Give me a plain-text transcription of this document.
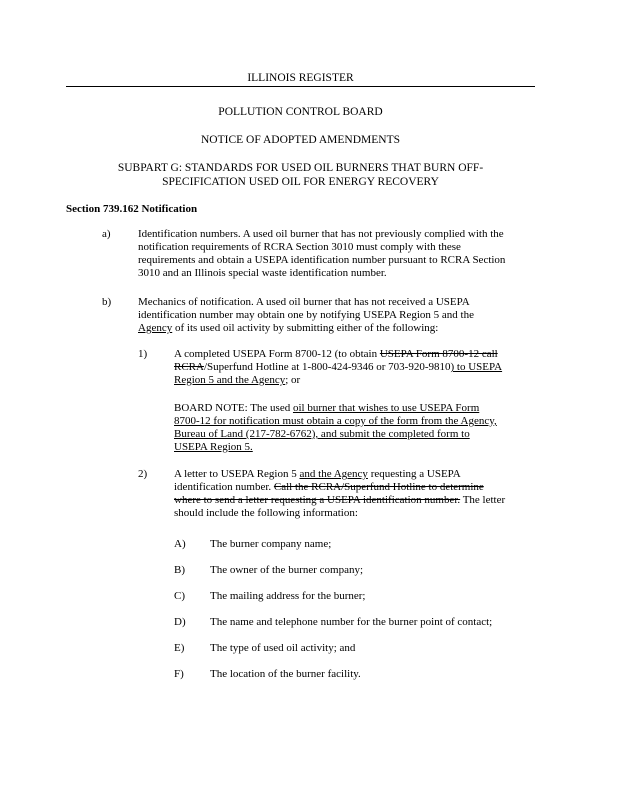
ILLINOIS REGISTER
POLLUTION CONTROL BOARD
NOTICE OF ADOPTED AMENDMENTS
SUBPART G: STANDARDS FOR USED OIL BURNERS THAT BURN OFF-
SPECIFICATION USED OIL FOR ENERGY RECOVERY
Section 739.162 Notification
a) Identification numbers. A used oil burner that has not previously complied with the

notification requirements of RCRA Section 3010 must comply with these

requirements and obtain a USEPA identification number pursuant to RCRA Section

3010 and an Illinois special waste identification number.

b) Mechanics of notification. A used oil burner that has not received a USEPA

identification number may obtain one by notifying USEPA Region 5 and the

Agency of its used oil activity by submitting either of the following:

1) A completed USEPA Form 8700-12 (to obtain USEPA Form 8700-12 call

RCRA/Superfund Hotline at 1-800-424-9346 or 703-920-9810) to USEPA

Region 5 and the Agency; or

BOARD NOTE: The used oil burner that wishes to use USEPA Form

8700-12 for notification must obtain a copy of the form from the Agency,

Bureau of Land (217-782-6762), and submit the completed form to

USEPA Region 5.

2) A letter to USEPA Region 5 and the Agency requesting a USEPA

identification number. Call the RCRA/Superfund Hotline to determine

where to send a letter requesting a USEPA identification number. The letter

should include the following information:

A) The burner company name;
B) The owner of the burner company;
C) The mailing address for the burner;
D) The name and telephone number for the burner point of contact;
E) The type of used oil activity; and
F) The location of the burner facility.
